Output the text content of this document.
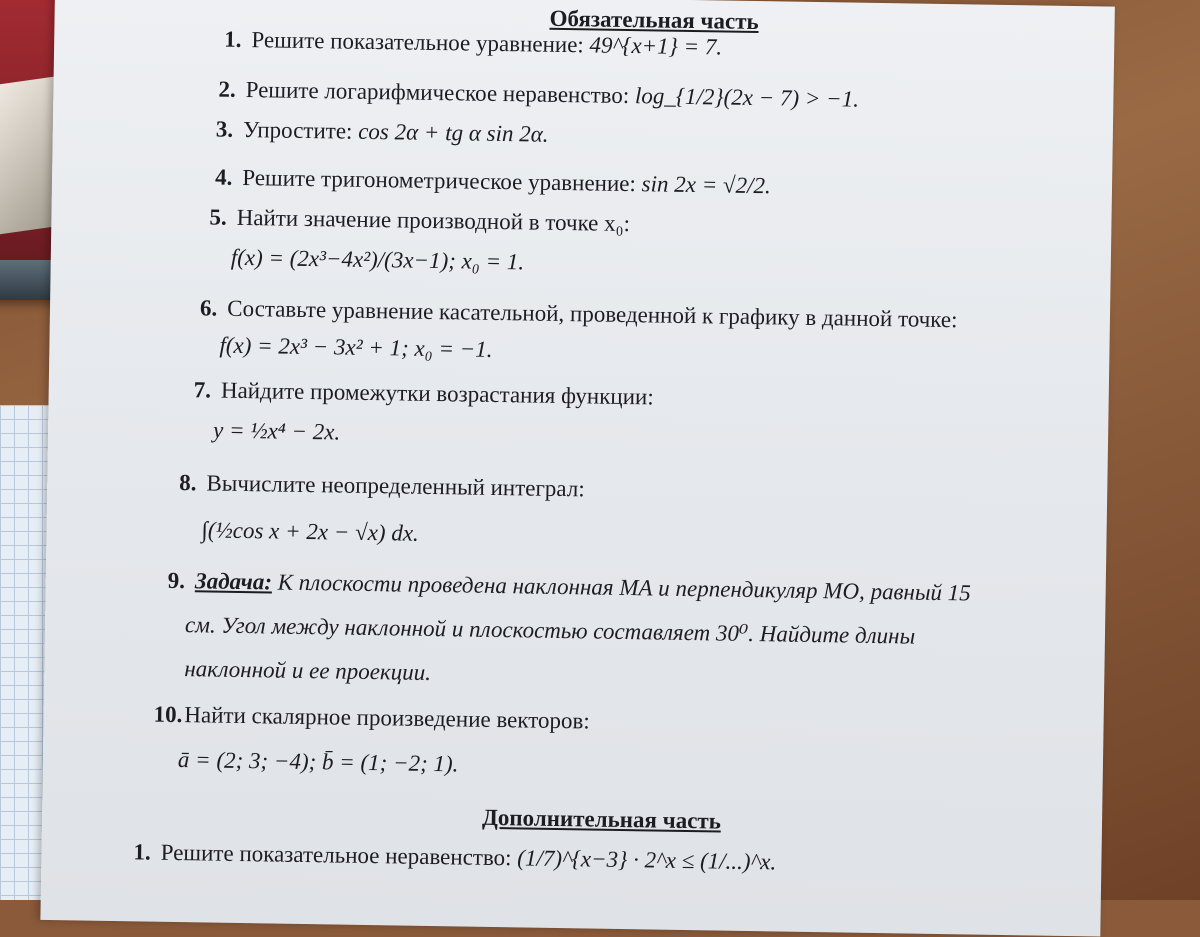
Обязательная часть
1. Решите показательное уравнение: 49^{x+1} = 7.
2. Решите логарифмическое неравенство: log_{1/2}(2x − 7) > −1.
3. Упростите: cos 2α + tg α sin 2α.
4. Решите тригонометрическое уравнение: sin 2x = √2/2.
5. Найти значение производной в точке x₀:
f(x) = (2x³−4x²)/(3x−1); x₀ = 1.
6. Составьте уравнение касательной, проведенной к графику в данной точке:
f(x) = 2x³ − 3x² + 1; x₀ = −1.
7. Найдите промежутки возрастания функции:
y = ½x⁴ − 2x.
8. Вычислите неопределенный интеграл:
∫(½cos x + 2x − √x) dx.
9. Задача: К плоскости проведена наклонная МА и перпендикуляр МО, равный 15
см. Угол между наклонной и плоскостью составляет 30⁰. Найдите длины
наклонной и ее проекции.
10.Найти скалярное произведение векторов:
ā = (2; 3; −4); b̄ = (1; −2; 1).
Дополнительная часть
1. Решите показательное неравенство: (1/7)^{x−3} · 2^x ≤ (1/...)^x.
